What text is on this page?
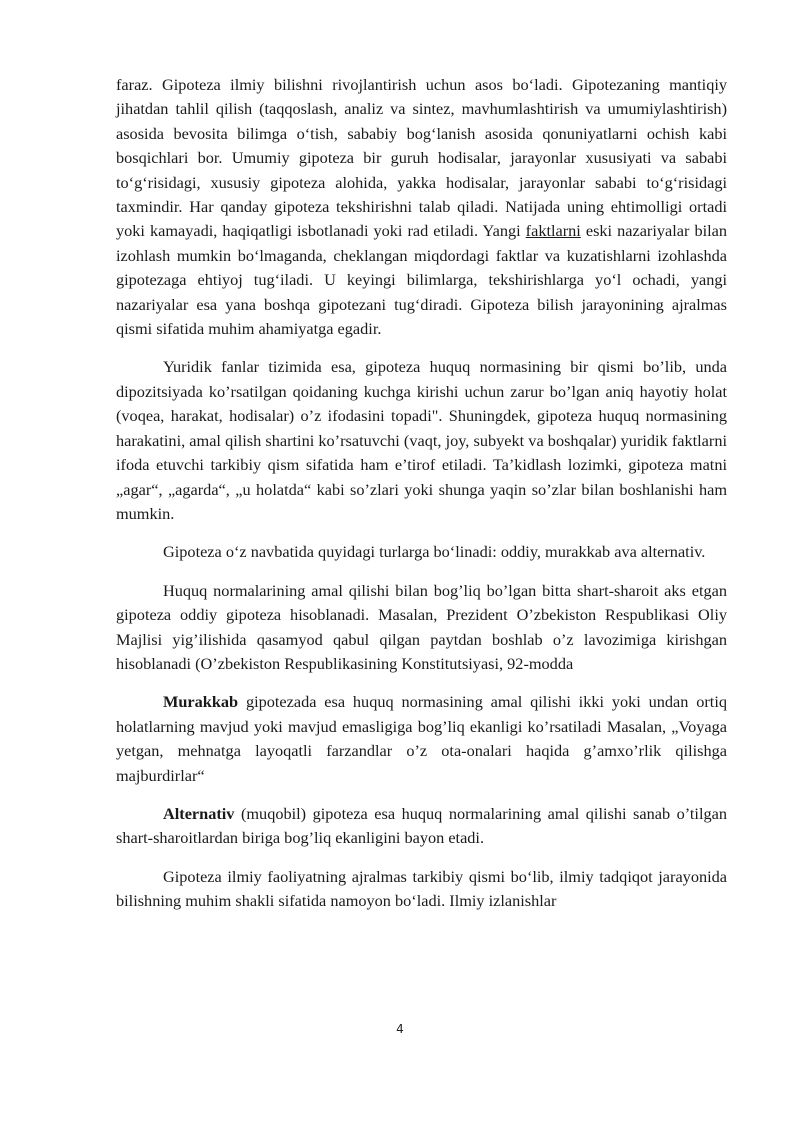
faraz. Gipoteza ilmiy bilishni rivojlantirish uchun asos bo‘ladi. Gipotezaning mantiqiy jihatdan tahlil qilish (taqqoslash, analiz va sintez, mavhumlashtirish va umumiylashtirish) asosida bevosita bilimga o‘tish, sababiy bog‘lanish asosida qonuniyatlarni ochish kabi bosqichlari bor. Umumiy gipoteza bir guruh hodisalar, jarayonlar xususiyati va sababi to‘g‘risidagi, xususiy gipoteza alohida, yakka hodisalar, jarayonlar sababi to‘g‘risidagi taxmindir. Har qanday gipoteza tekshirishni talab qiladi. Natijada uning ehtimolligi ortadi yoki kamayadi, haqiqatligi isbotlanadi yoki rad etiladi. Yangi faktlarni eski nazariyalar bilan izohlash mumkin bo‘lmaganda, cheklangan miqdordagi faktlar va kuzatishlarni izohlashda gipotezaga ehtiyoj tug‘iladi. U keyingi bilimlarga, tekshirishlarga yo‘l ochadi, yangi nazariyalar esa yana boshqa gipotezani tug‘diradi. Gipoteza bilish jarayonining ajralmas qismi sifatida muhim ahamiyatga egadir.

Yuridik fanlar tizimida esa, gipoteza huquq normasining bir qismi bo’lib, unda dipozitsiyada ko’rsatilgan qoidaning kuchga kirishi uchun zarur bo’lgan aniq hayotiy holat (voqea, harakat, hodisalar) o’z ifodasini topadi". Shuningdek, gipoteza huquq normasining harakatini, amal qilish shartini ko’rsatuvchi (vaqt, joy, subyekt va boshqalar) yuridik faktlarni ifoda etuvchi tarkibiy qism sifatida ham e’tirof etiladi. Ta’kidlash lozimki, gipoteza matni „agar“, „agarda“, „u holatda“ kabi so’zlari yoki shunga yaqin so’zlar bilan boshlanishi ham mumkin.

Gipoteza o‘z navbatida quyidagi turlarga bo‘linadi: oddiy, murakkab ava alternativ.

Huquq normalarining amal qilishi bilan bog’liq bo’lgan bitta shart-sharoit aks etgan gipoteza oddiy gipoteza hisoblanadi. Masalan, Prezident O’zbekiston Respublikasi Oliy Majlisi yig’ilishida qasamyod qabul qilgan paytdan boshlab o’z lavozimiga kirishgan hisoblanadi (O’zbekiston Respublikasining Konstitutsiyasi, 92-modda

Murakkab gipotezada esa huquq normasining amal qilishi ikki yoki undan ortiq holatlarning mavjud yoki mavjud emasligiga bog’liq ekanligi ko’rsatiladi Masalan, „Voyaga yetgan, mehnatga layoqatli farzandlar o’z ota-onalari haqida g’amxo’rlik qilishga majburdirlar“

Alternativ (muqobil) gipoteza esa huquq normalarining amal qilishi sanab o’tilgan shart-sharoitlardan biriga bog’liq ekanligini bayon etadi.

Gipoteza ilmiy faoliyatning ajralmas tarkibiy qismi bo‘lib, ilmiy tadqiqot jarayonida bilishning muhim shakli sifatida namoyon bo‘ladi. Ilmiy izlanishlar

4
